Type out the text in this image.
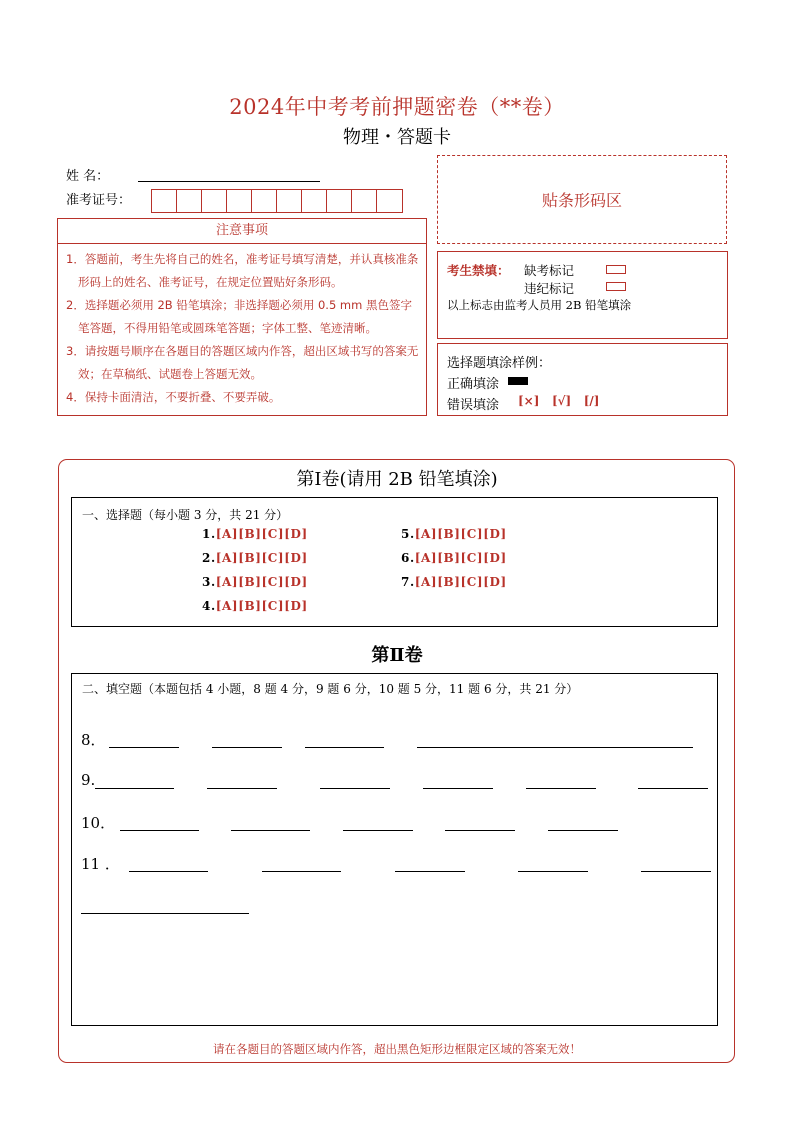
2024年中考考前押题密卷（**卷）
物理・答题卡
姓 名：
准考证号：	贴条形码区
注意事项
1．答题前，考生先将自己的姓名，准考证号填写清楚，并认真核准条形码上的姓名、准考证号，在规定位置贴好条形码。
2．选择题必须用 2B 铅笔填涂；非选择题必须用 0.5 mm 黑色签字笔答题，不得用铅笔或圆珠笔答题；字体工整、笔迹清晰。
3．请按题号顺序在各题目的答题区域内作答，超出区域书写的答案无效；在草稿纸、试题卷上答题无效。
4．保持卡面清洁，不要折叠、不要弄破。
考生禁填： 缺考标记
违纪标记
以上标志由监考人员用 2B 铅笔填涂
选择题填涂样例：
正确填涂
错误填涂 [×]   [√]   [/]
第Ⅰ卷(请用 2B 铅笔填涂)
一、选择题（每小题 3 分，共 21 分）
1.[A][B][C][D]
2.[A][B][C][D]
3.[A][B][C][D]
4.[A][B][C][D]
5.[A][B][C][D]
6.[A][B][C][D]
7.[A][B][C][D]
第Ⅱ卷
二、填空题（本题包括 4 小题，8 题 4 分，9 题 6 分，10 题 5 分，11 题 6 分，共 21 分）
8．
9.
10．
11 ．
请在各题目的答题区域内作答，超出黑色矩形边框限定区域的答案无效！
